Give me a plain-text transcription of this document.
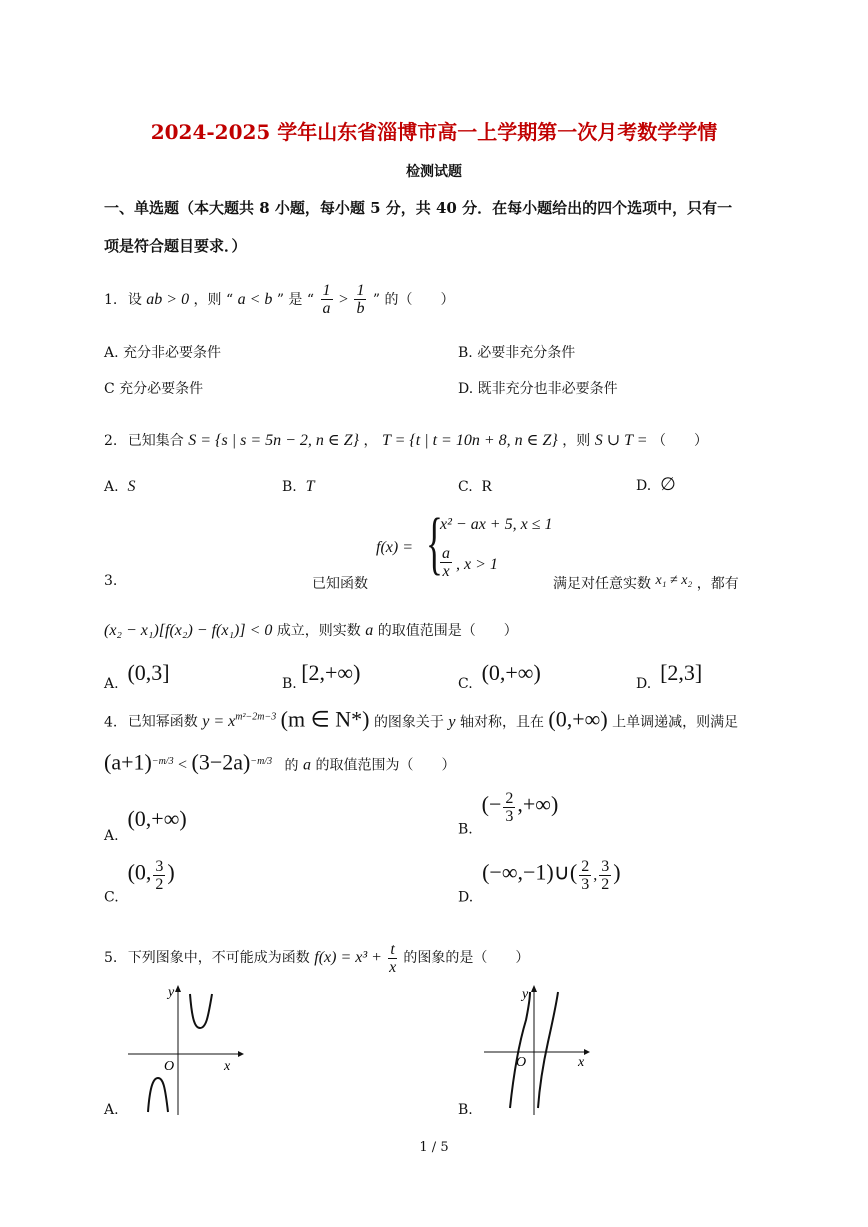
2024-2025 学年山东省淄博市高一上学期第一次月考数学学情
检测试题
一、单选题（本大题共 8 小题，每小题 5 分，共 40 分．在每小题给出的四个选项中，只有一
项是符合题目要求．）
1. 设 ab > 0 ，则 “ a < b ” 是 “ $\frac{1}{a} > \frac{1}{b}$ ” 的（　　）
A. 充分非必要条件	B. 必要非充分条件
C 充分必要条件	D. 既非充分也非必要条件
2. 已知集合 S = {s | s = 5n − 2, n ∈ Z} ， T = {t | t = 10n + 8, n ∈ Z} ，则 S ∪ T = （　　）
A. S	B. T	C. R	D. ∅
3.	已知函数
f(x) = {
x² − ax + 5, x ≤ 1
$\frac{a}{x}$ , x > 1
满足对任意实数 x₁ ≠ x₂ ，都有
(x₂ − x₁)[f(x₂) − f(x₁)] < 0 成立，则实数 a 的取值范围是（　　）
A. (0,3]	B. [2,+∞)	C. (0,+∞)	D. [2,3]
4. 已知幂函数 $y = x^{m^2-2m-3}$ (m ∈ N*) 的图象关于 y 轴对称，且在 (0,+∞) 上单调递减，则满足
$(a+1)^{-m/3} < (3-2a)^{-m/3}$ 的 a 的取值范围为（　　）
A.  (0,+∞)	B.  (− $\frac{2}{3}$ ,+∞)
C.  (0, $\frac{3}{2}$ )
D.  (−∞,−1)∪( $\frac{2}{3}$ , $\frac{3}{2}$ )
5. 下列图象中，不可能成为函数 $f(x) = x^3 + \frac{t}{x}$ 的图象的是（　　）
y
x
O
A.
y
x
O
B.
1 / 5
